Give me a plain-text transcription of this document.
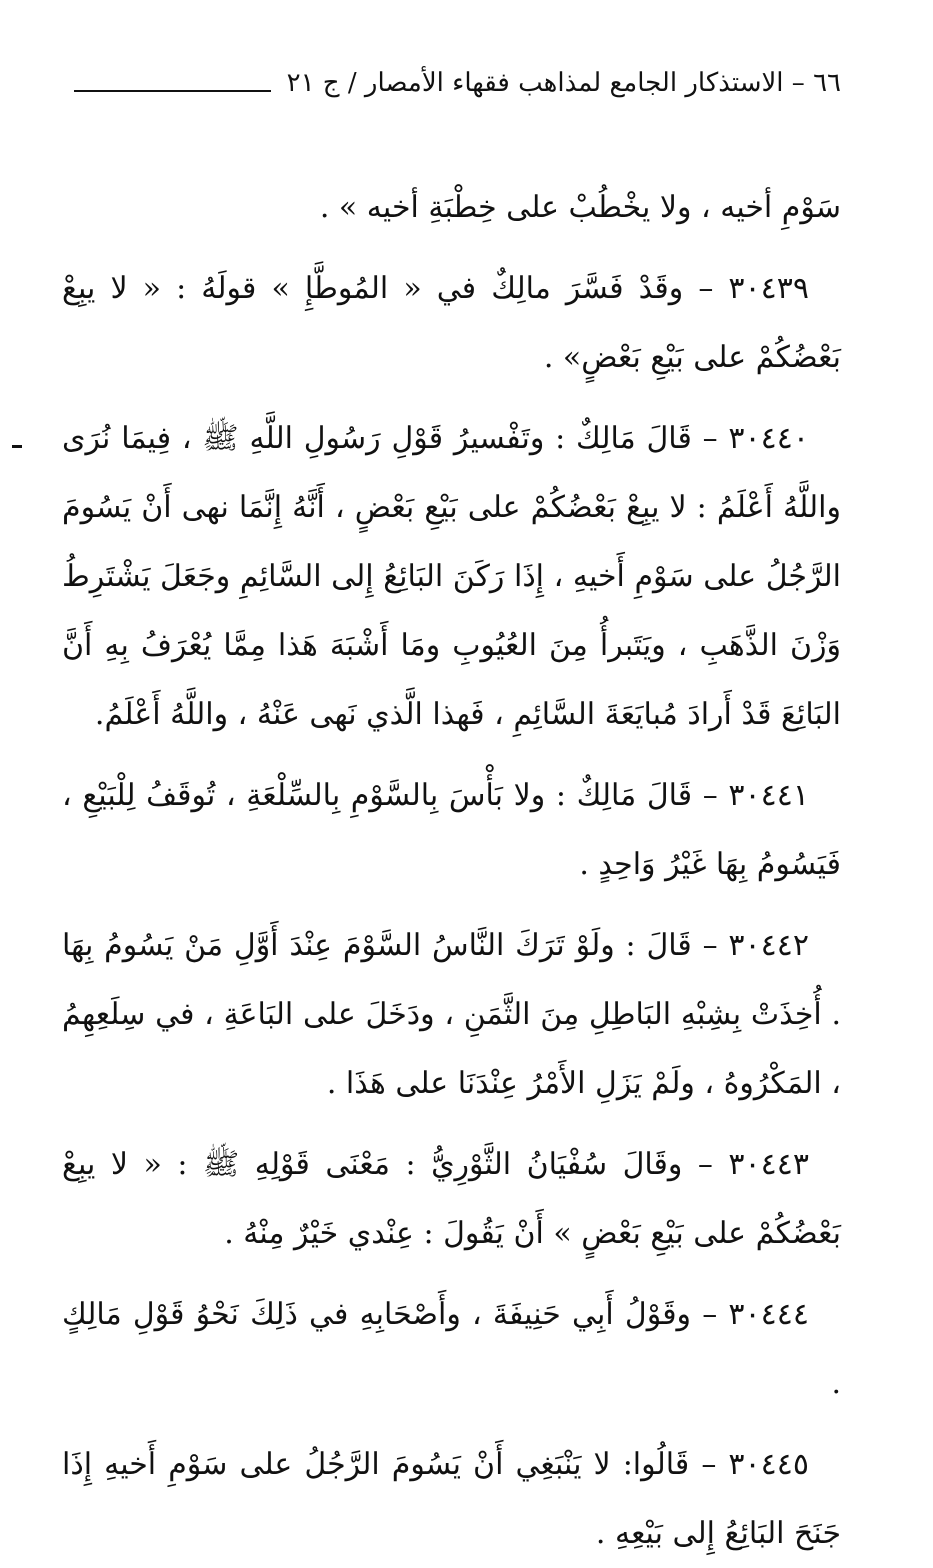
٦٦ – الاستذكار الجامع لمذاهب فقهاء الأمصار / ج ٢١

سَوْمِ أخيه ، ولا يخْطُبْ على خِطْبَةِ أخيه » .

٣٠٤٣٩ – وقَدْ فَسَّرَ مالِكٌ في « المُوطَّإِ » قولَهُ : « لا يبِعْ بَعْضُكُمْ على بَيْعِ بَعْضٍ» .

٣٠٤٤٠ – قَالَ مَالِكٌ : وتَفْسيرُ قَوْلِ رَسُولِ اللَّهِ ﷺ ، فِيمَا نُرَى واللَّهُ أَعْلَمُ : لا يبِعْ بَعْضُكُمْ على بَيْعِ بَعْضٍ ، أَنَّهُ إِنَّمَا نهى أَنْ يَسُومَ الرَّجُلُ على سَوْمِ أَخيهِ ، إِذَا رَكَنَ البَائِعُ إِلى السَّائِمِ وجَعَلَ يَشْتَرِطُ وَزْنَ الذَّهَبِ ، ويَتَبرأُ مِنَ العُيُوبِ ومَا أَشْبَهَ هَذا مِمَّا يُعْرَفُ بِهِ أَنَّ البَائِعَ قَدْ أَرادَ مُبايَعَةَ السَّائِمِ ، فَهذا الَّذي نَهى عَنْهُ ، واللَّهُ أَعْلَمُ.

٣٠٤٤١ – قَالَ مَالِكٌ : ولا بَأْسَ بِالسَّوْمِ بِالسِّلْعَةِ ، تُوقَفُ لِلْبَيْعِ ، فَيَسُومُ بِهَا غَيْرُ وَاحِدٍ .

٣٠٤٤٢ – قَالَ : ولَوْ تَرَكَ النَّاسُ السَّوْمَ عِنْدَ أَوَّلِ مَنْ يَسُومُ بِهَا . أُخِذَتْ بِشِبْهِ البَاطِلِ مِنَ الثَّمَنِ ، ودَخَلَ على البَاعَةِ ، في سِلَعِهِمُ ، المَكْرُوهُ ، ولَمْ يَزَلِ الأَمْرُ عِنْدَنَا على هَذَا .

٣٠٤٤٣ – وقَالَ سُفْيَانُ الثَّوْرِيُّ : مَعْنَى قَوْلِهِ ﷺ : « لا يبِعْ بَعْضُكُمْ على بَيْعِ بَعْضٍ » أَنْ يَقُولَ : عِنْدي خَيْرٌ مِنْهُ .

٣٠٤٤٤ – وقَوْلُ أَبِي حَنِيفَةَ ، وأَصْحَابِهِ في ذَلِكَ نَحْوُ قَوْلِ مَالِكٍ .

٣٠٤٤٥ – قَالُوا: لا يَنْبَغِي أَنْ يَسُومَ الرَّجُلُ على سَوْمِ أَخيهِ إِذَا جَنَحَ البَائِعُ إِلى بَيْعِهِ .
